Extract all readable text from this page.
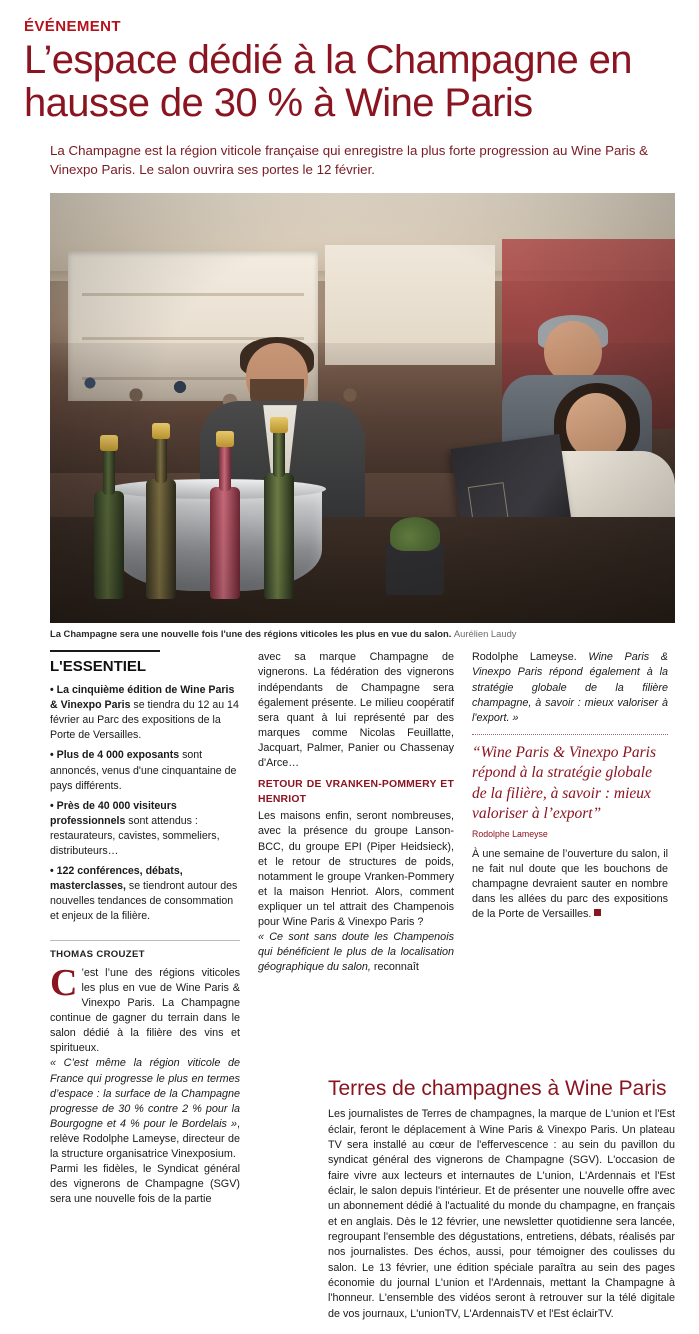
ÉVÉNEMENT
L’espace dédié à la Champagne en hausse de 30 % à Wine Paris
La Champagne est la région viticole française qui enregistre la plus forte progression au Wine Paris & Vinexpo Paris. Le salon ouvrira ses portes le 12 février.
La Champagne sera une nouvelle fois l'une des régions viticoles les plus en vue du salon. Aurélien Laudy
L'ESSENTIEL

• La cinquième édition de Wine Paris & Vinexpo Paris se tiendra du 12 au 14 février au Parc des expositions de la Porte de Versailles.

• Plus de 4 000 exposants sont annoncés, venus d'une cinquantaine de pays différents.

• Près de 40 000 visiteurs professionnels sont attendus : restaurateurs, cavistes, sommeliers, distributeurs…

• 122 conférences, débats, masterclasses, se tiendront autour des nouvelles tendances de consommation et enjeux de la filière.

THOMAS CROUZET

C ’est l’une des régions viticoles les plus en vue de Wine Paris & Vinexpo Paris. La Champagne continue de gagner du terrain dans le salon dédié à la filière des vins et spiritueux.

« C’est même la région viticole de France qui progresse le plus en termes d’espace : la surface de la Champagne progresse de 30 % contre 2 % pour la Bourgogne et 4 % pour le Bordelais », relève Rodolphe Lameyse, directeur de la structure organisatrice Vinexposium.

Parmi les fidèles, le Syndicat général des vignerons de Champagne (SGV) sera une nouvelle fois de la partie

avec sa marque Champagne de vignerons. La fédération des vignerons indépendants de Champagne sera également présente. Le milieu coopératif sera quant à lui représenté par des marques comme Nicolas Feuillatte, Jacquart, Palmer, Panier ou Chassenay d'Arce…

RETOUR DE VRANKEN-POMMERY ET HENRIOT

Les maisons enfin, seront nombreuses, avec la présence du groupe Lanson-BCC, du groupe EPI (Piper Heidsieck), et le retour de structures de poids, notamment le groupe Vranken-Pommery et la maison Henriot. Alors, comment expliquer un tel attrait des Champenois pour Wine Paris & Vinexpo Paris ?

« Ce sont sans doute les Champenois qui bénéficient le plus de la localisation géographique du salon, reconnaît

Rodolphe Lameyse. Wine Paris & Vinexpo Paris répond également à la stratégie globale de la filière champagne, à savoir : mieux valoriser à l'export. »

“Wine Paris & Vinexpo Paris répond à la stratégie globale de la filière, à savoir : mieux valoriser à l’export”
Rodolphe Lameyse

À une semaine de l’ouverture du salon, il ne fait nul doute que les bouchons de champagne devraient sauter en nombre dans les allées du parc des expositions de la Porte de Versailles.

Terres de champagnes à Wine Paris

Les journalistes de Terres de champagnes, la marque de L'union et l'Est éclair, feront le déplacement à Wine Paris & Vinexpo Paris. Un plateau TV sera installé au cœur de l'effervescence : au sein du pavillon du syndicat général des vignerons de Champagne (SGV). L'occasion de faire vivre aux lecteurs et internautes de L'union, L'Ardennais et l'Est éclair, le salon depuis l'intérieur. Et de présenter une nouvelle offre avec un abonnement dédié à l'actualité du monde du champagne, en français et en anglais. Dès le 12 février, une newsletter quotidienne sera lancée, regroupant l'ensemble des dégustations, entretiens, débats, réalisés par nos journalistes. Des échos, aussi, pour témoigner des coulisses du salon. Le 13 février, une édition spéciale paraîtra au sein des pages économie du journal L'union et l'Ardennais, mettant la Champagne à l'honneur. L'ensemble des vidéos seront à retrouver sur la télé digitale de vos journaux, L'unionTV, L'ArdennaisTV et l'Est éclairTV.
